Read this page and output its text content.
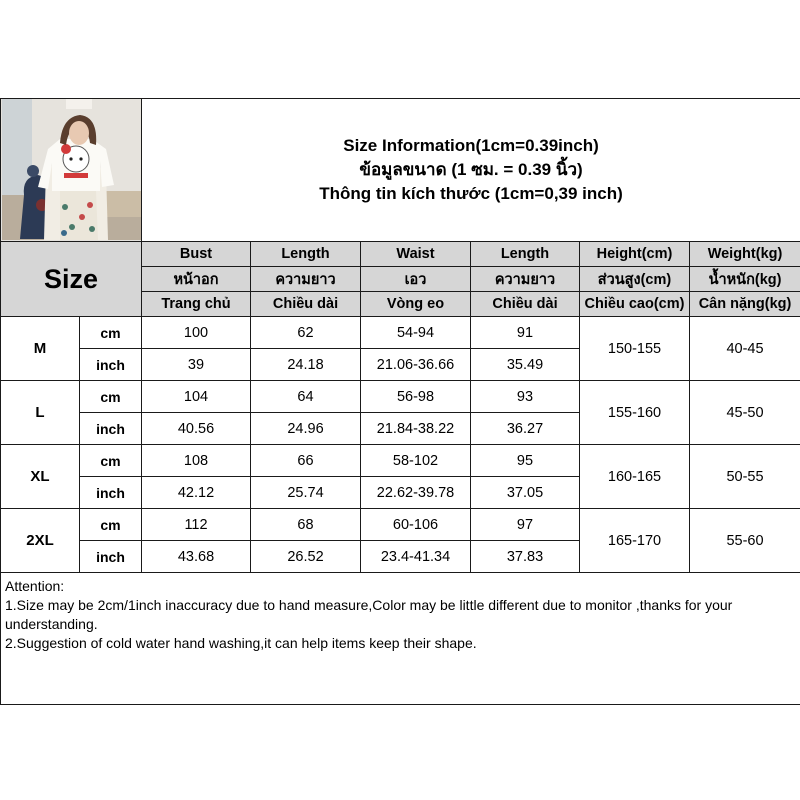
Size Information(1cm=0.39inch)
ข้อมูลขนาด (1 ซม. = 0.39 นิ้ว)
Thông tin kích thước (1cm=0,39 inch)					

Size		Bust	Length	Waist	Length	Height(cm)	Weight(kg)
		หน้าอก	ความยาว	เอว	ความยาว	ส่วนสูง(cm)	น้ำหนัก(kg)
		Trang chủ	Chiều dài	Vòng eo	Chiều dài	Chiều cao(cm)	Cân nặng(kg)
M	cm	100	62	54-94	91	150-155	40-45
	inch	39	24.18	21.06-36.66	35.49		
L	cm	104	64	56-98	93	155-160	45-50
	inch	40.56	24.96	21.84-38.22	36.27		
XL	cm	108	66	58-102	95	160-165	50-55
	inch	42.12	25.74	22.62-39.78	37.05		
2XL	cm	112	68	60-106	97	165-170	55-60
	inch	43.68	26.52	23.4-41.34	37.83		

Attention:
1.Size may be 2cm/1inch inaccuracy due to hand measure,Color may be little different due to monitor ,thanks for your understanding.
2.Suggestion of cold water hand washing,it can help items keep their shape.							
